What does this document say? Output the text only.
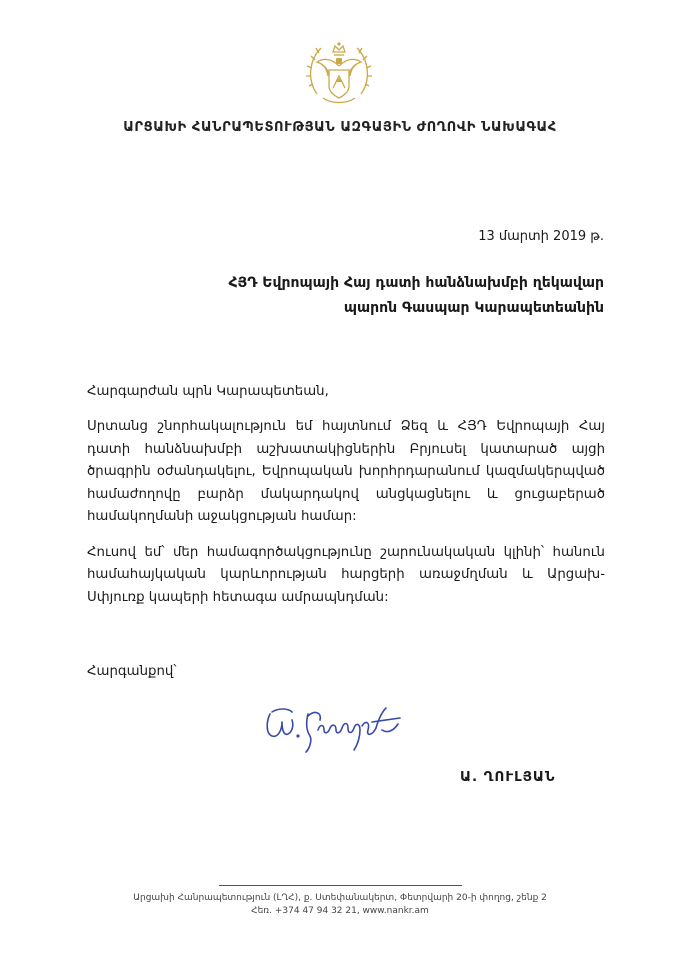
ԱՐՑԱԽԻ ՀԱՆՐԱՊԵՏՈՒԹՅԱՆ ԱԶԳԱՅԻՆ ԺՈՂՈՎԻ ՆԱԽԱԳԱՀ
13 մարտի 2019 թ.
ՀՅԴ Եվրոպայի Հայ դատի հանձնախմբի ղեկավար
պարոն Գասպար Կարապետեանին

Հարգարժան պրն Կարապետեան,

Սրտանց շնորհակալություն եմ հայտնում Ձեզ և ՀՅԴ Եվրոպայի Հայ դատի հանձնախմբի աշխատակիցներին Բրյուսել կատարած այցի ծրագրին օժանդակելու, Եվրոպական խորհրդարանում կազմակերպված համաժողովը բարձր մակարդակով անցկացնելու և ցուցաբերած համակողմանի աջակցության համար:

Հուսով եմ՝ մեր համագործակցությունը շարունակական կլինի՝ հանուն համահայկական կարևորության հարցերի առաջմղման և Արցախ-Սփյուռք կապերի հետագա ամրապնդման:

Հարգանքով՝
Ա. ՂՈՒԼՅԱՆ
Արցախի Հանրապետություն (ԼՂՀ), ք. Ստեփանակերտ, Փետրվարի 20-ի փողոց, շենք 2
Հեռ. +374 47 94 32 21, www.nankr.am
